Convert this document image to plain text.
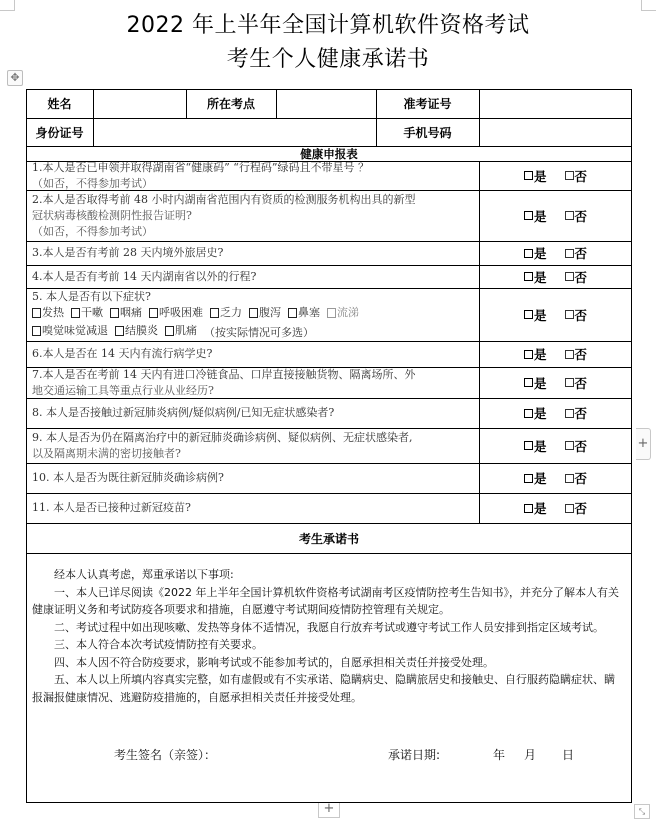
2022 年上半年全国计算机软件资格考试
考生个人健康承诺书
✥
姓名	所在考点	准考证号
身份证号	手机号码
健康申报表
1.本人是否已申领并取得湖南省“健康码” “行程码”绿码且不带星号 ？
（如否，不得参加考试）	是 否
2.本人是否取得考前 48 小时内湖南省范围内有资质的检测服务机构出具的新型
冠状病毒核酸检测阴性报告证明?
（如否，不得参加考试）
是 否
3.本人是否有考前 28 天内境外旅居史?	是 否
4.本人是否有考前 14 天内湖南省以外的行程?	是 否
5. 本人是否有以下症状?
发热 干嗽 咽痛 呼吸困难 乏力 腹泻 鼻塞 流涕
嗅觉味觉减退 结膜炎 肌痛 （按实际情况可多选）
是 否
6.本人是否在 14 天内有流行病学史?	是 否
7.本人是否在考前 14 天内有进口冷链食品、口岸直接接触货物、隔离场所、外
地交通运输工具等重点行业从业经历?	是 否
8. 本人是否接触过新冠肺炎病例/疑似病例/已知无症状感染者?	是 否
9. 本人是否为仍在隔离治疗中的新冠肺炎确诊病例、疑似病例、无症状感染者,
以及隔离期未满的密切接触者?	是 否
10. 本人是否为既往新冠肺炎确诊病例?	是 否
11. 本人是否已接种过新冠疫苗?	是 否
考生承诺书

经本人认真考虑，郑重承诺以下事项:

一、本人已详尽阅读《2022 年上半年全国计算机软件资格考试湖南考区疫情防控考生告知书》，并充分了解本人有关健康证明义务和考试防疫各项要求和措施，自愿遵守考试期间疫情防控管理有关规定。

二、考试过程中如出现咳嗽、发热等身体不适情况，我愿自行放弃考试或遵守考试工作人员安排到指定区域考试。

三、本人符合本次考试疫情防控有关要求。

四、本人因不符合防疫要求，影响考试或不能参加考试的，自愿承担相关责任并接受处理。

五、本人以上所填内容真实完整，如有虚假或有不实承诺、隐瞒病史、隐瞒旅居史和接触史、自行服药隐瞒症状、瞒报漏报健康情况、逃避防疫措施的，自愿承担相关责任并接受处理。

考生签名（亲签）：	承诺日期:	年 月 日
+
+
⤡
